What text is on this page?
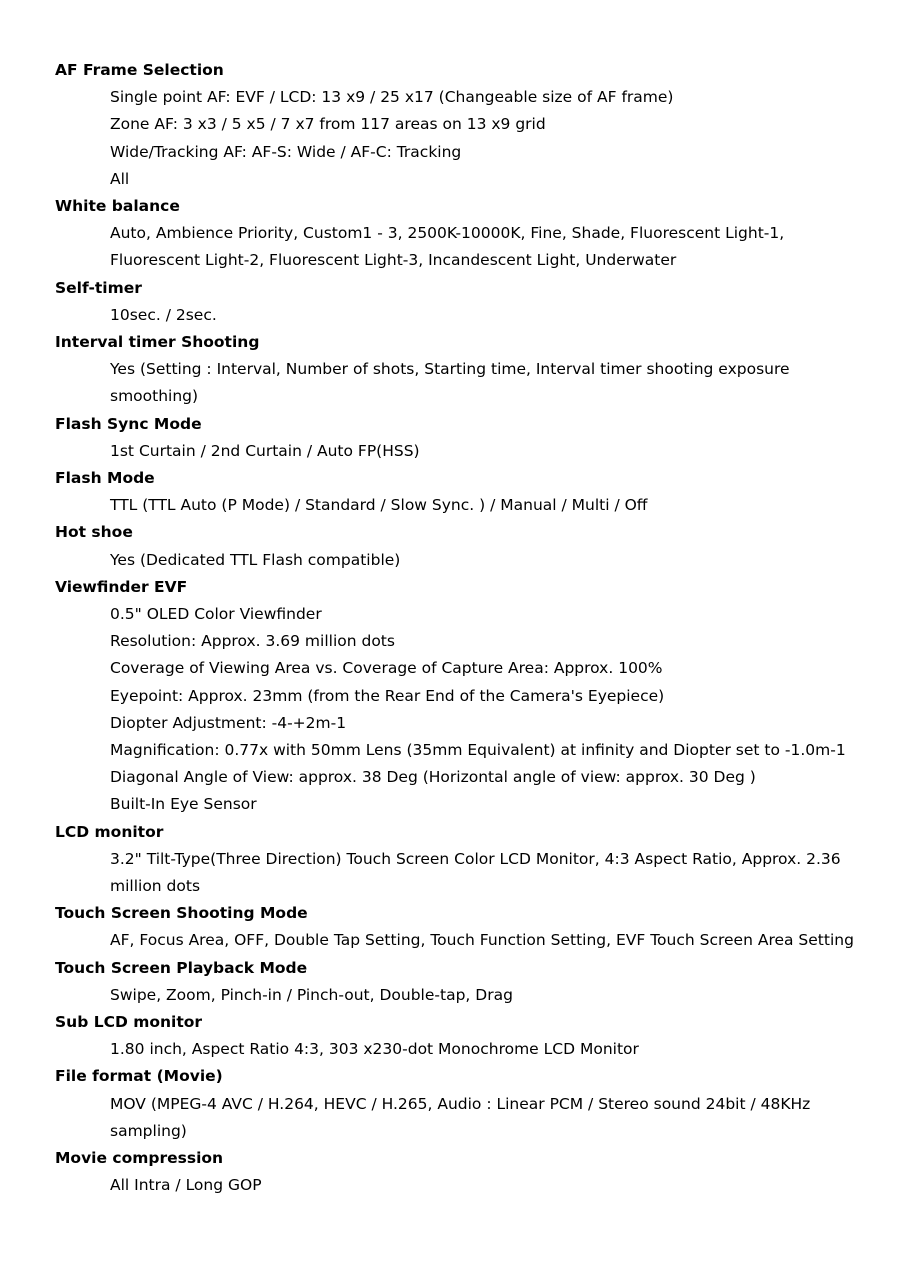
AF Frame Selection
Single point AF: EVF / LCD: 13 x9 / 25 x17 (Changeable size of AF frame)
Zone AF: 3 x3 / 5 x5 / 7 x7 from 117 areas on 13 x9 grid
Wide/Tracking AF: AF-S: Wide / AF-C: Tracking
All
White balance
Auto, Ambience Priority, Custom1 - 3, 2500K-10000K, Fine, Shade, Fluorescent Light-1, Fluorescent Light-2, Fluorescent Light-3, Incandescent Light, Underwater
Self-timer
10sec. / 2sec.
Interval timer Shooting
Yes (Setting : Interval, Number of shots, Starting time, Interval timer shooting exposure smoothing)
Flash Sync Mode
1st Curtain / 2nd Curtain / Auto FP(HSS)
Flash Mode
TTL (TTL Auto (P Mode) / Standard / Slow Sync. ) / Manual / Multi / Off
Hot shoe
Yes (Dedicated TTL Flash compatible)
Viewfinder EVF
0.5" OLED Color Viewfinder
Resolution: Approx. 3.69 million dots
Coverage of Viewing Area vs. Coverage of Capture Area: Approx. 100%
Eyepoint: Approx. 23mm (from the Rear End of the Camera's Eyepiece)
Diopter Adjustment: -4-+2m-1
Magnification: 0.77x with 50mm Lens (35mm Equivalent) at infinity and Diopter set to -1.0m-1
Diagonal Angle of View: approx. 38 Deg (Horizontal angle of view: approx. 30 Deg )
Built-In Eye Sensor
LCD monitor
3.2" Tilt-Type(Three Direction) Touch Screen Color LCD Monitor, 4:3 Aspect Ratio, Approx. 2.36 million dots
Touch Screen Shooting Mode
AF, Focus Area, OFF, Double Tap Setting, Touch Function Setting, EVF Touch Screen Area Setting
Touch Screen Playback Mode
Swipe, Zoom, Pinch-in / Pinch-out, Double-tap, Drag
Sub LCD monitor
1.80 inch, Aspect Ratio 4:3, 303 x230-dot Monochrome LCD Monitor
File format (Movie)
MOV (MPEG-4 AVC / H.264, HEVC / H.265, Audio : Linear PCM / Stereo sound 24bit / 48KHz sampling)
Movie compression
All Intra / Long GOP
